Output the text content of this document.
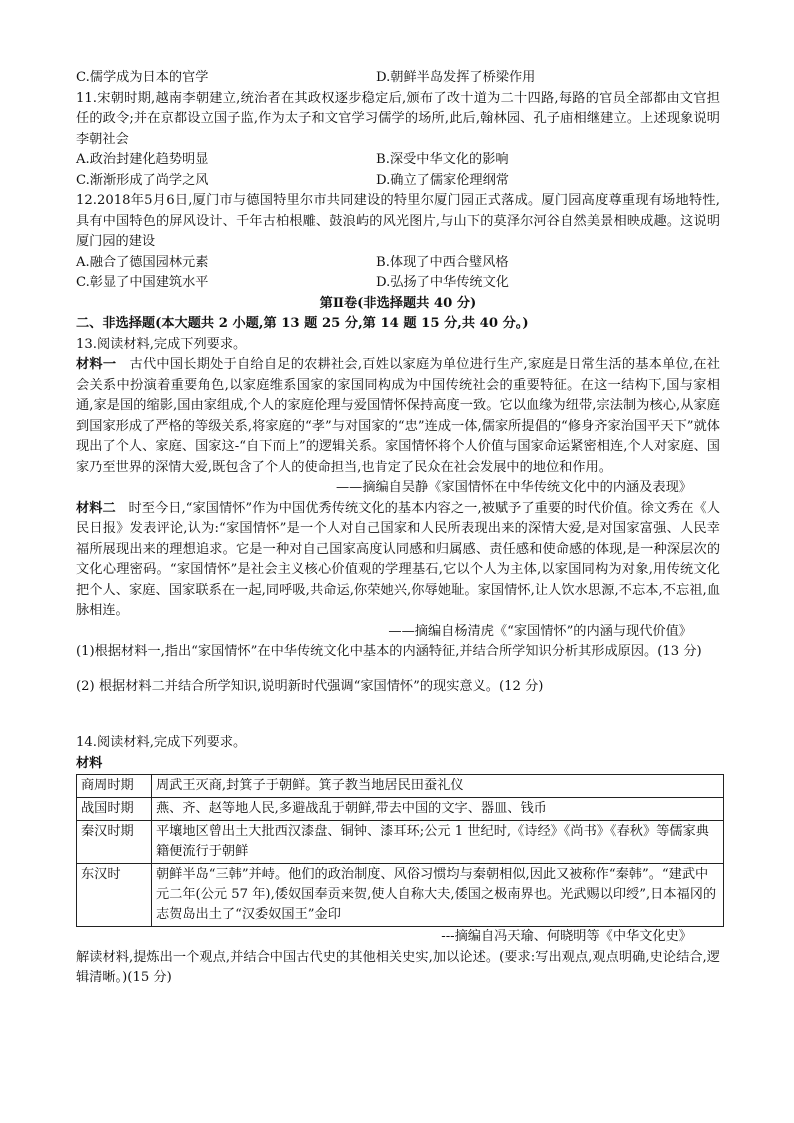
C.儒学成为日本的官学	D.朝鲜半岛发挥了桥梁作用

11.宋朝时期,越南李朝建立,统治者在其政权逐步稳定后,颁布了改十道为二十四路,每路的官员全部都由文官担任的政令;并在京都设立国子监,作为太子和文官学习儒学的场所,此后,翰林园、孔子庙相继建立。上述现象说明李朝社会

A.政治封建化趋势明显	B.深受中华文化的影响
C.渐渐形成了尚学之风	D.确立了儒家伦理纲常

12.2018年5月6日,厦门市与德国特里尔市共同建设的特里尔厦门园正式落成。厦门园高度尊重现有场地特性,具有中国特色的屏风设计、千年古柏根雕、鼓浪屿的风光图片,与山下的莫泽尔河谷自然美景相映成趣。这说明厦门园的建设

A.融合了德国园林元素	B.体现了中西合璧风格
C.彰显了中国建筑水平	D.弘扬了中华传统文化
第Ⅱ卷(非选择题共 40 分)
二、非选择题(本大题共 2 小题,第 13 题 25 分,第 14 题 15 分,共 40 分。)
13.阅读材料,完成下列要求。

材料一 古代中国长期处于自给自足的农耕社会,百姓以家庭为单位进行生产,家庭是日常生活的基本单位,在社会关系中扮演着重要角色,以家庭维系国家的家国同构成为中国传统社会的重要特征。在这一结构下,国与家相通,家是国的缩影,国由家组成,个人的家庭伦理与爱国情怀保持高度一致。它以血缘为纽带,宗法制为核心,从家庭到国家形成了严格的等级关系,将家庭的“孝”与对国家的“忠”连成一体,儒家所提倡的“修身齐家治国平天下”就体现出了个人、家庭、国家这-“自下而上”的逻辑关系。家国情怀将个人价值与国家命运紧密相连,个人对家庭、国家乃至世界的深情大爱,既包含了个人的使命担当,也肯定了民众在社会发展中的地位和作用。

——摘编自吴静《家国情怀在中华传统文化中的内涵及表现》

材料二 时至今日,“家国情怀”作为中国优秀传统文化的基本内容之一,被赋予了重要的时代价值。徐文秀在《人民日报》发表评论,认为:“家国情怀”是一个人对自己国家和人民所表现出来的深情大爱,是对国家富强、人民幸福所展现出来的理想追求。它是一种对自己国家高度认同感和归属感、责任感和使命感的体现,是一种深层次的文化心理密码。“家国情怀”是社会主义核心价值观的学理基石,它以个人为主体,以家国同构为对象,用传统文化把个人、家庭、国家联系在一起,同呼吸,共命运,你荣她兴,你辱她耻。家国情怀,让人饮水思源,不忘本,不忘祖,血脉相连。

——摘编自杨清虎《“家国情怀”的内涵与现代价值》

(1)根据材料一,指出“家国情怀”在中华传统文化中基本的内涵特征,并结合所学知识分析其形成原因。(13 分)

(2) 根据材料二并结合所学知识,说明新时代强调“家国情怀”的现实意义。(12 分)

14.阅读材料,完成下列要求。
材料
商周时期	周武王灭商,封箕子于朝鲜。箕子教当地居民田蚕礼仪
战国时期	燕、齐、赵等地人民,多避战乱于朝鲜,带去中国的文字、器皿、钱币
秦汉时期	平壤地区曾出土大批西汉漆盘、铜钟、漆耳环;公元 1 世纪时,《诗经》《尚书》《春秋》等儒家典籍便流行于朝鲜
东汉时	朝鲜半岛“三韩”并峙。他们的政治制度、风俗习惯均与秦朝相似,因此又被称作“秦韩”。“建武中元二年(公元 57 年),倭奴国奉贡来贺,使人自称大夫,倭国之极南界也。光武赐以印绶”,日本福冈的志贺岛出土了“汉委奴国王”金印
---摘编自冯天瑜、何晓明等《中华文化史》

解读材料,提炼出一个观点,并结合中国古代史的其他相关史实,加以论述。(要求:写出观点,观点明确,史论结合,逻辑清晰。)(15 分)
